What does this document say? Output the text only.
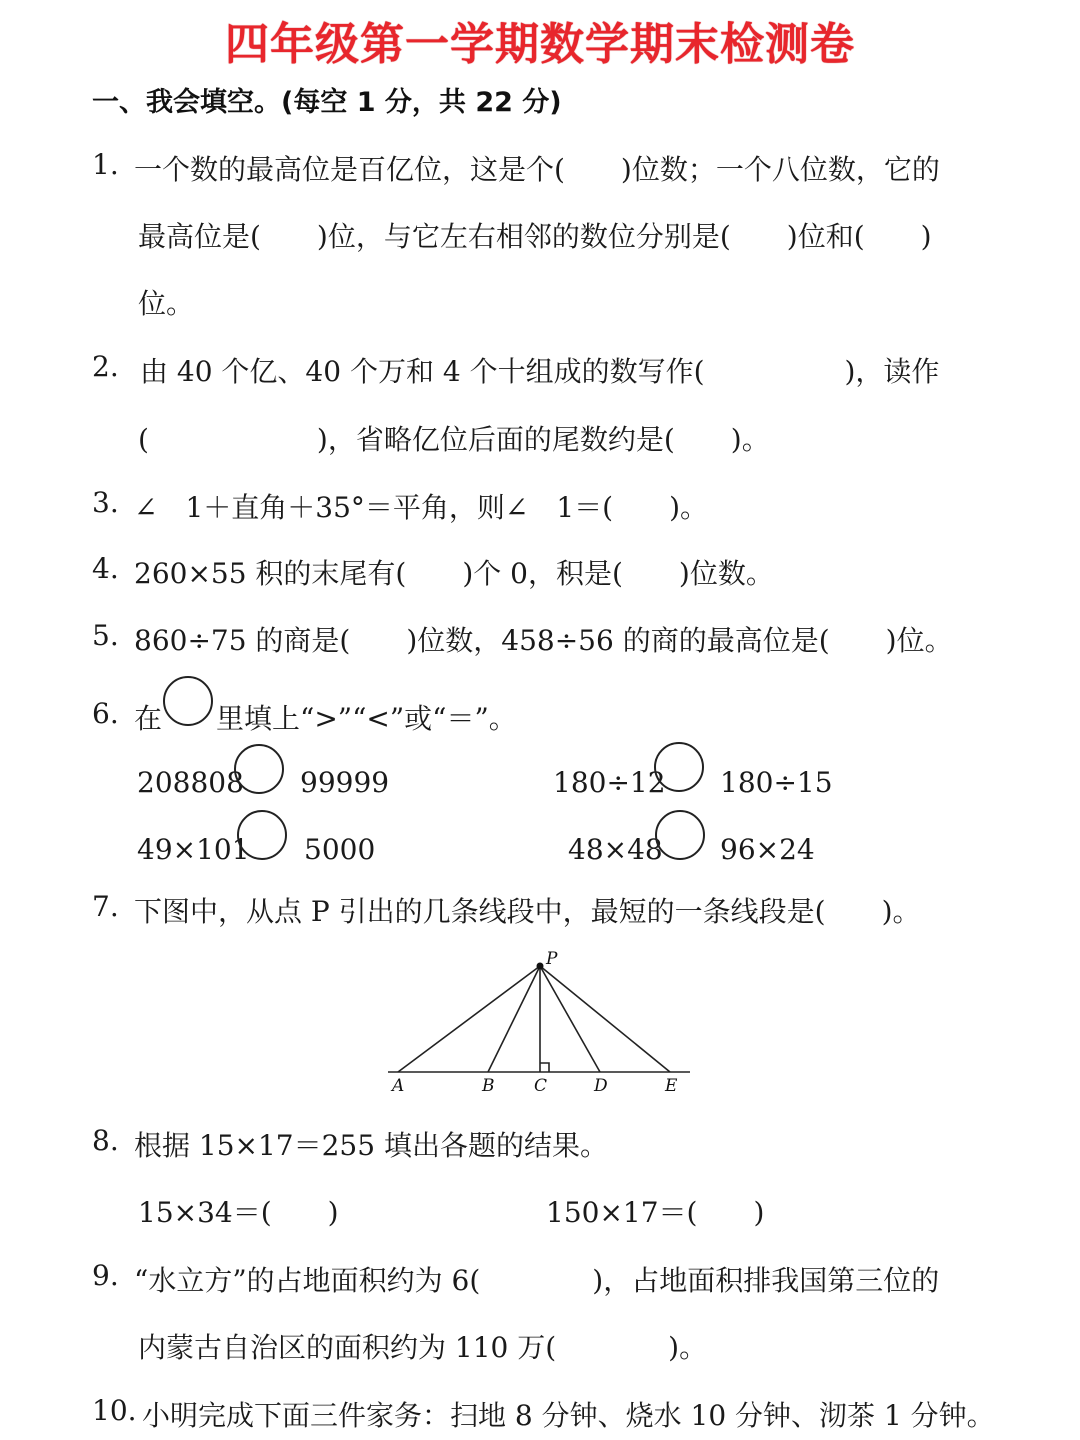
四年级第一学期数学期末检测卷
一、我会填空。(每空 1 分，共 22 分)
1. 一个数的最高位是百亿位，这是个(　　)位数；一个八位数，它的
最高位是(　　)位，与它左右相邻的数位分别是(　　)位和(　　)
位。
2. 由 40 个亿、40 个万和 4 个十组成的数写作(　　　　　)，读作
(　　　　　　)，省略亿位后面的尾数约是(　　)。
3. ∠　1＋直角＋35°＝平角，则∠　1＝(　　)。
4. 260×55 积的末尾有(　　)个 0，积是(　　)位数。
5. 860÷75 的商是(　　)位数，458÷56 的商的最高位是(　　)位。
6. 在 里填上“>”“<”或“＝”。
208808 99999	180÷12 180÷15
49×101 5000	48×48 96×24
7. 下图中，从点 P 引出的几条线段中，最短的一条线段是(　　)。
P
A	B C	D	E
8. 根据 15×17＝255 填出各题的结果。
15×34＝(　　)	150×17＝(　　)
9. “水立方”的占地面积约为 6(　　　　)，占地面积排我国第三位的
内蒙古自治区的面积约为 110 万(　　　　)。
10. 小明完成下面三件家务：扫地 8 分钟、烧水 10 分钟、沏茶 1 分钟。
